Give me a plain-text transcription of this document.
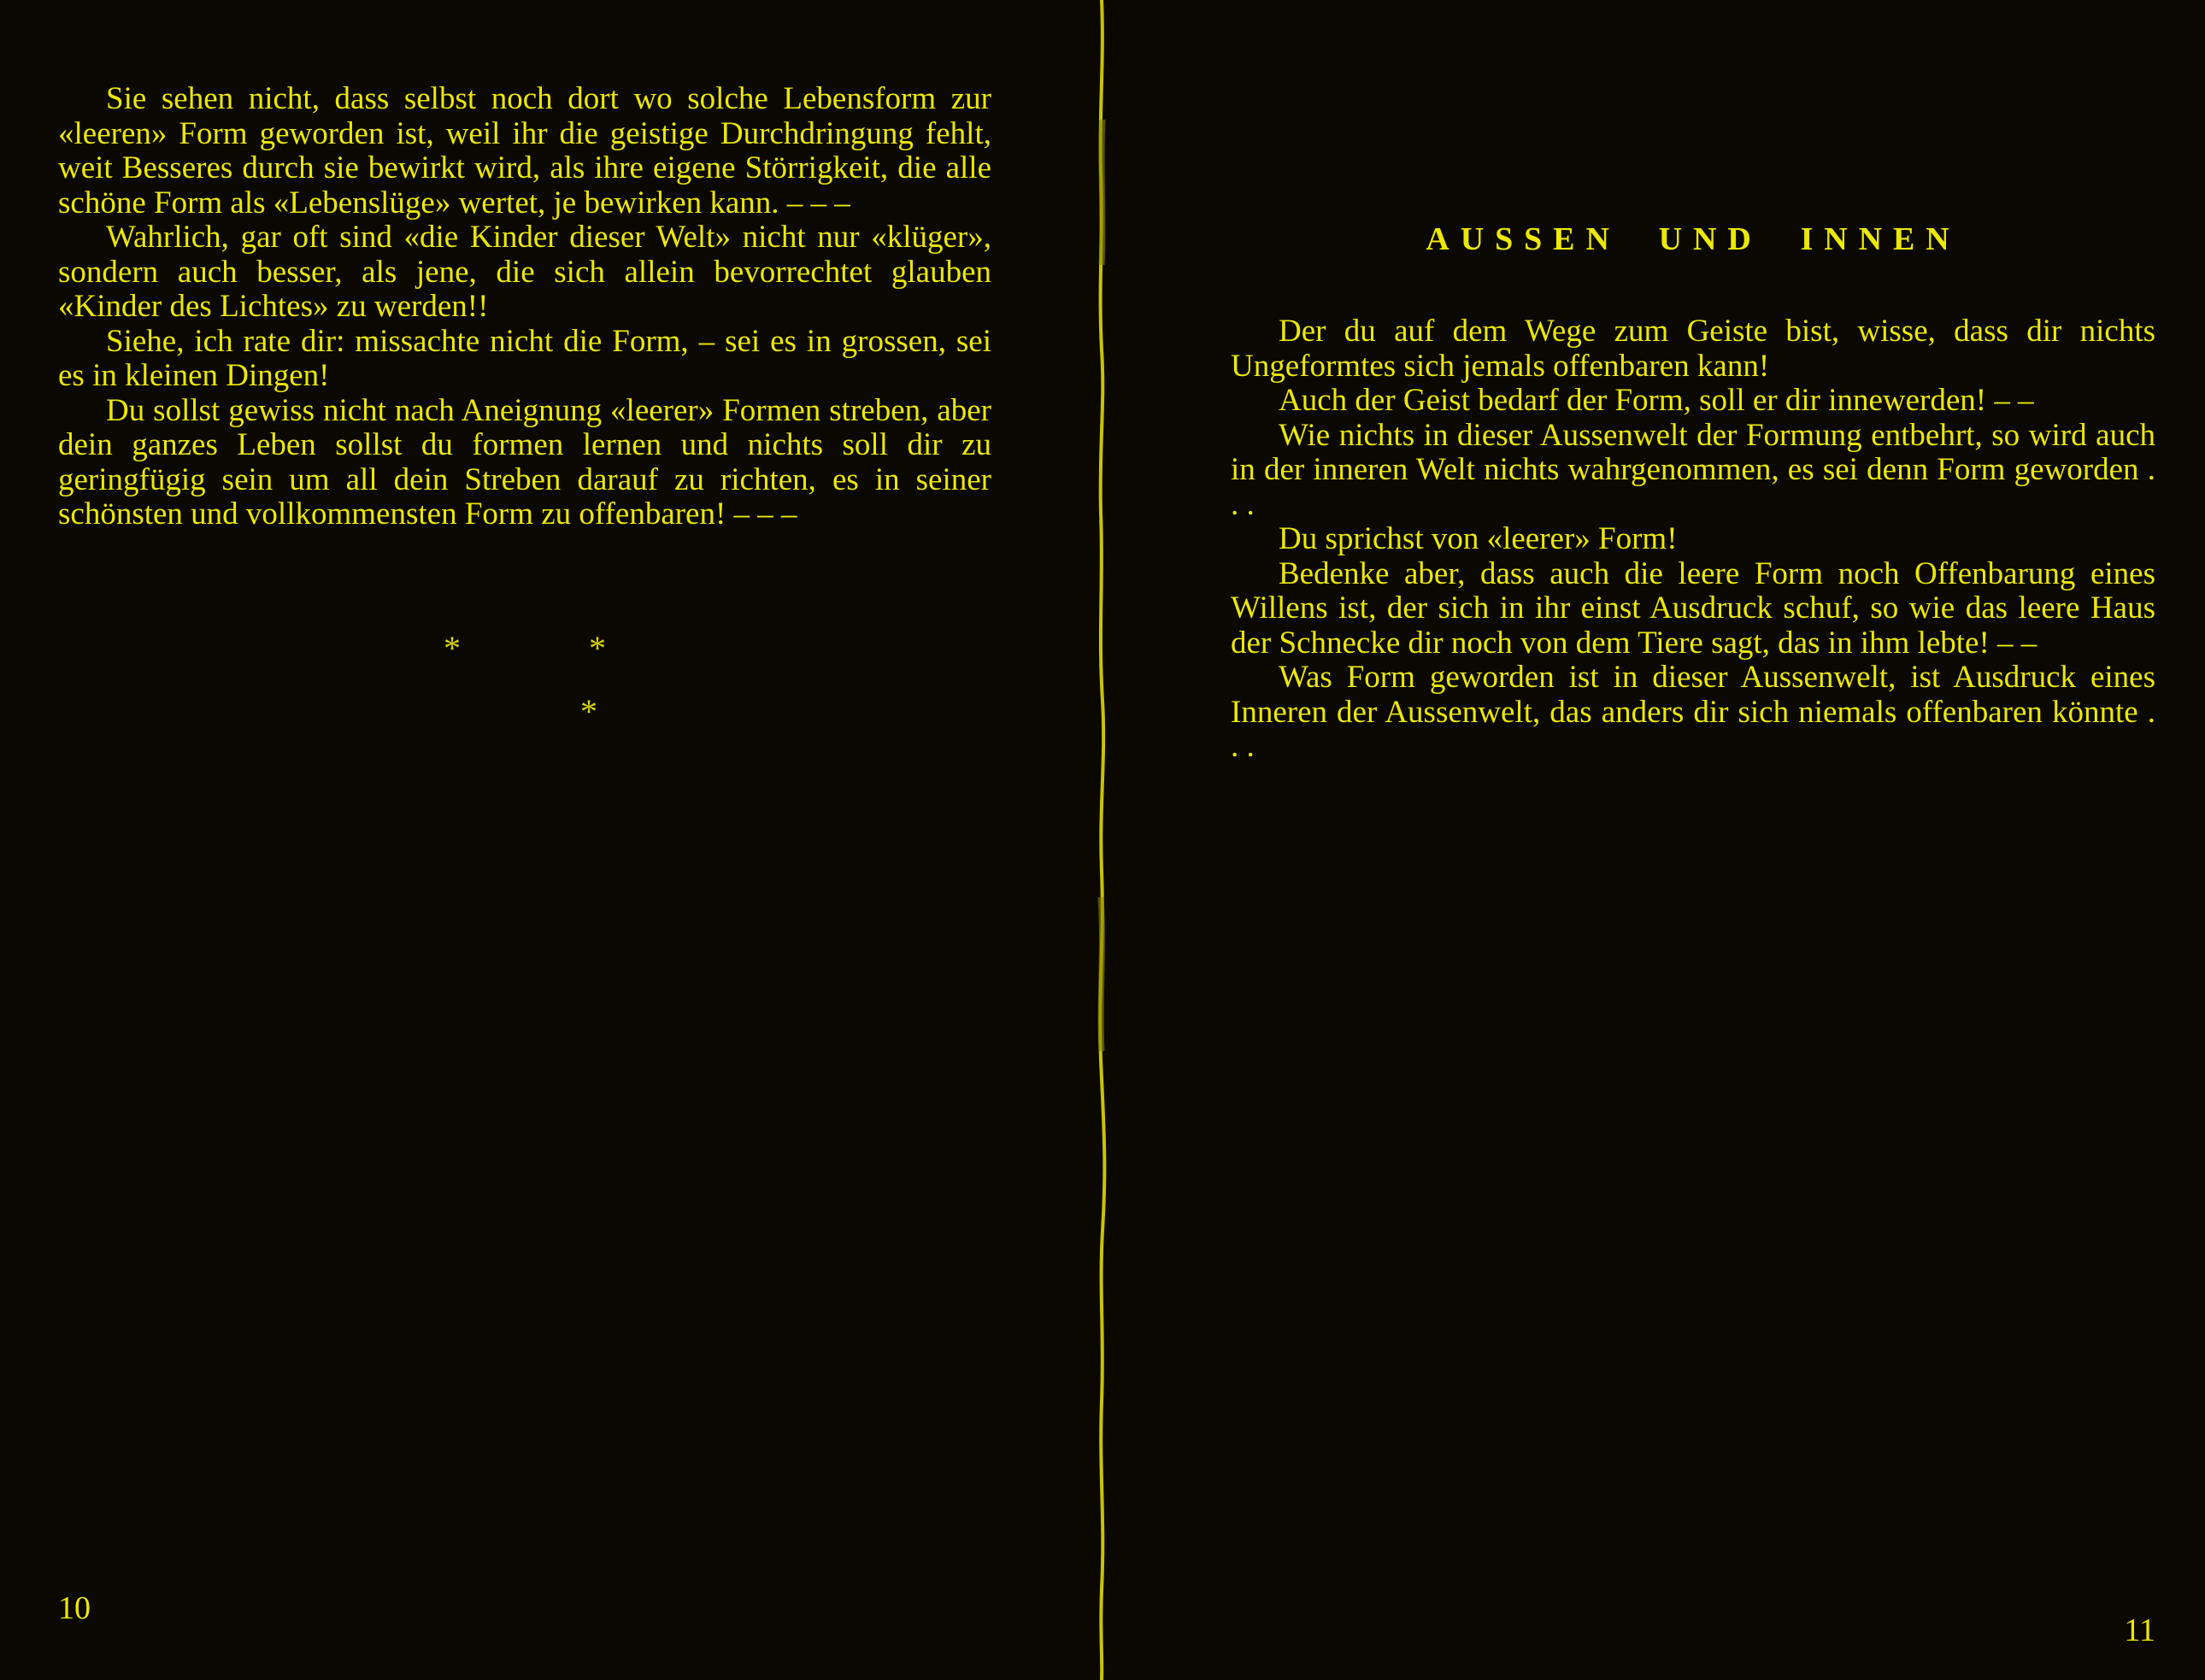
Sie sehen nicht, dass selbst noch dort wo solche Lebensform zur «leeren» Form geworden ist, weil ihr die geistige Durchdringung fehlt, weit Besseres durch sie bewirkt wird, als ihre eigene Störrigkeit, die alle schöne Form als «Lebenslüge» wertet, je bewirken kann. – – –

Wahrlich, gar oft sind «die Kinder dieser Welt» nicht nur «klüger», sondern auch besser, als jene, die sich allein bevorrechtet glauben «Kinder des Lichtes» zu werden!!

Siehe, ich rate dir: missachte nicht die Form, – sei es in grossen, sei es in kleinen Dingen!

Du sollst gewiss nicht nach Aneignung «leerer» Formen streben, aber dein ganzes Leben sollst du formen lernen und nichts soll dir zu geringfügig sein um all dein Streben darauf zu richten, es in seiner schönsten und vollkommensten Form zu offenbaren! – – –

*	*
*
10
AUSSEN  UND  INNEN

Der du auf dem Wege zum Geiste bist, wisse, dass dir nichts Ungeformtes sich jemals offenbaren kann!

Auch der Geist bedarf der Form, soll er dir innewerden! – –

Wie nichts in dieser Aussenwelt der Formung entbehrt, so wird auch in der inneren Welt nichts wahrgenommen, es sei denn Form geworden . . .

Du sprichst von «leerer» Form!

Bedenke aber, dass auch die leere Form noch Offenbarung eines Willens ist, der sich in ihr einst Ausdruck schuf, so wie das leere Haus der Schnecke dir noch von dem Tiere sagt, das in ihm lebte! – –

Was Form geworden ist in dieser Aussenwelt, ist Ausdruck eines Inneren der Aussenwelt, das anders dir sich niemals offenbaren könnte . . .

11
